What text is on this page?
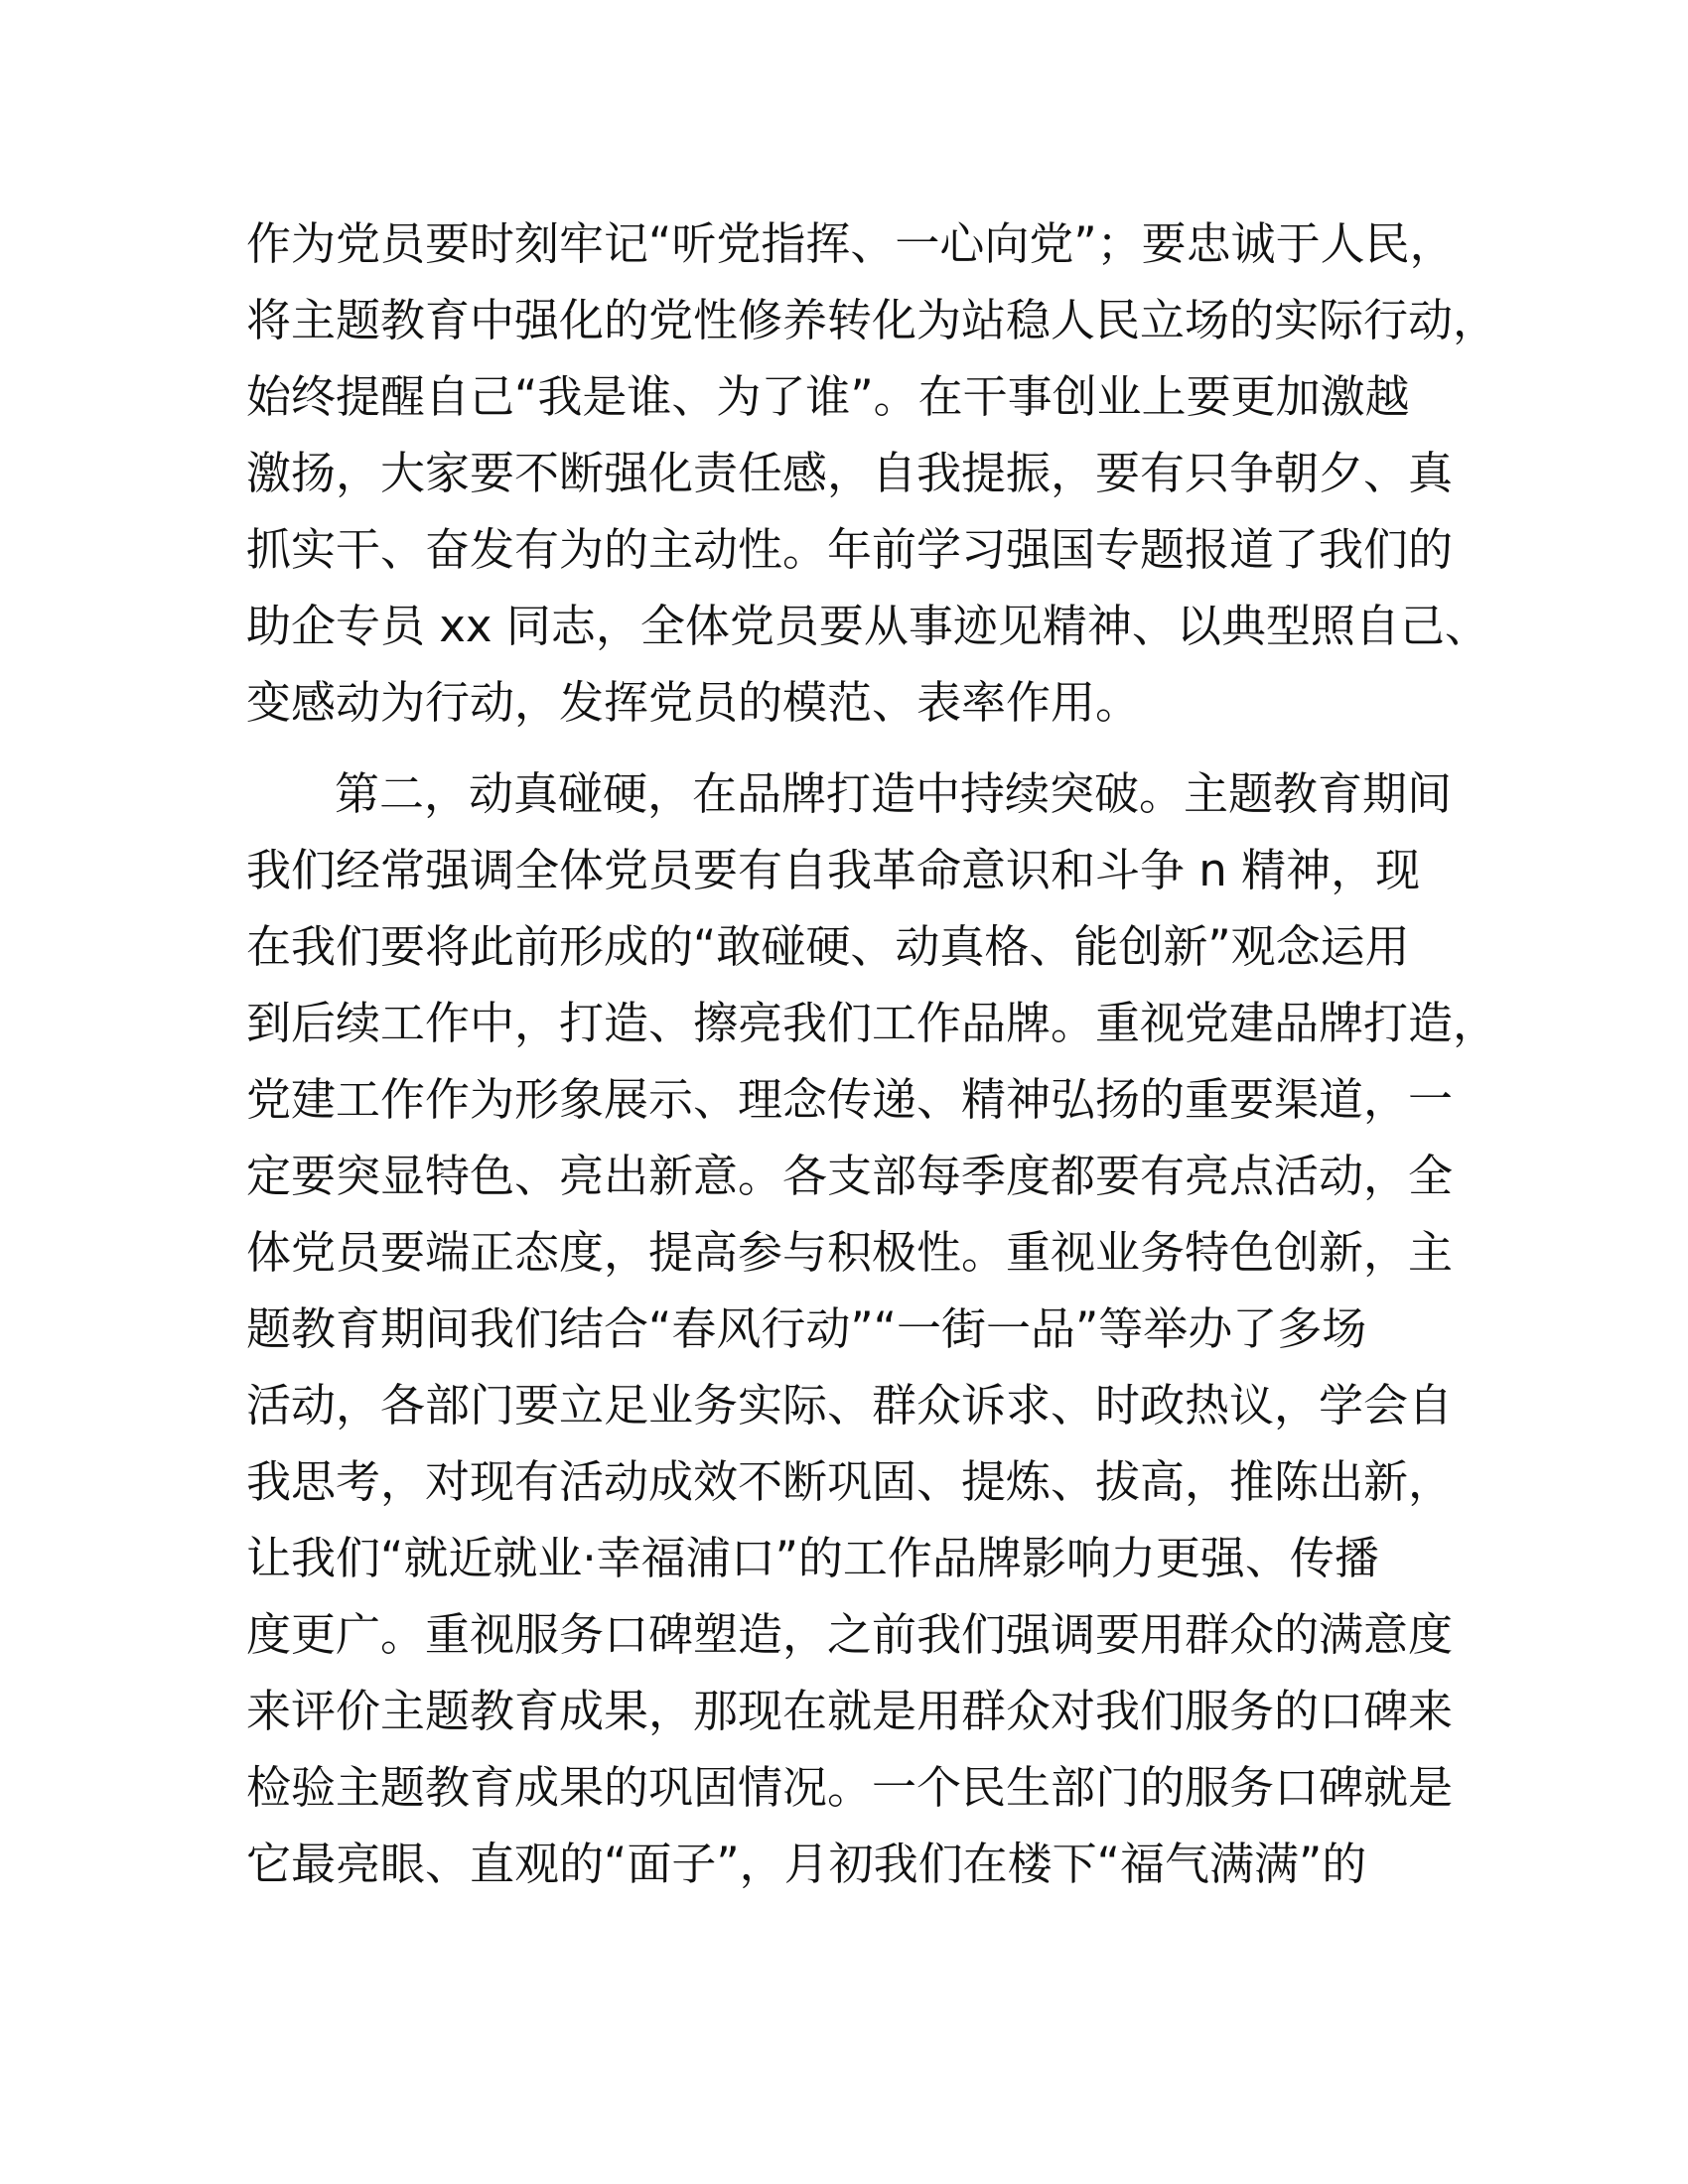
作为党员要时刻牢记“听党指挥、一心向党”；要忠诚于人民，
将主题教育中强化的党性修养转化为站稳人民立场的实际行动，
始终提醒自己“我是谁、为了谁”。在干事创业上要更加激越
激扬，大家要不断强化责任感，自我提振，要有只争朝夕、真
抓实干、奋发有为的主动性。年前学习强国专题报道了我们的
助企专员 xx 同志，全体党员要从事迹见精神、以典型照自己、
变感动为行动，发挥党员的模范、表率作用。
第二，动真碰硬，在品牌打造中持续突破。主题教育期间
我们经常强调全体党员要有自我革命意识和斗争 n 精神，现
在我们要将此前形成的“敢碰硬、动真格、能创新”观念运用
到后续工作中，打造、擦亮我们工作品牌。重视党建品牌打造，
党建工作作为形象展示、理念传递、精神弘扬的重要渠道，一
定要突显特色、亮出新意。各支部每季度都要有亮点活动，全
体党员要端正态度，提高参与积极性。重视业务特色创新，主
题教育期间我们结合“春风行动”“一街一品”等举办了多场
活动，各部门要立足业务实际、群众诉求、时政热议，学会自
我思考，对现有活动成效不断巩固、提炼、拔高，推陈出新，
让我们“就近就业·幸福浦口”的工作品牌影响力更强、传播
度更广。重视服务口碑塑造，之前我们强调要用群众的满意度
来评价主题教育成果，那现在就是用群众对我们服务的口碑来
检验主题教育成果的巩固情况。一个民生部门的服务口碑就是
它最亮眼、直观的“面子”，月初我们在楼下“福气满满”的
